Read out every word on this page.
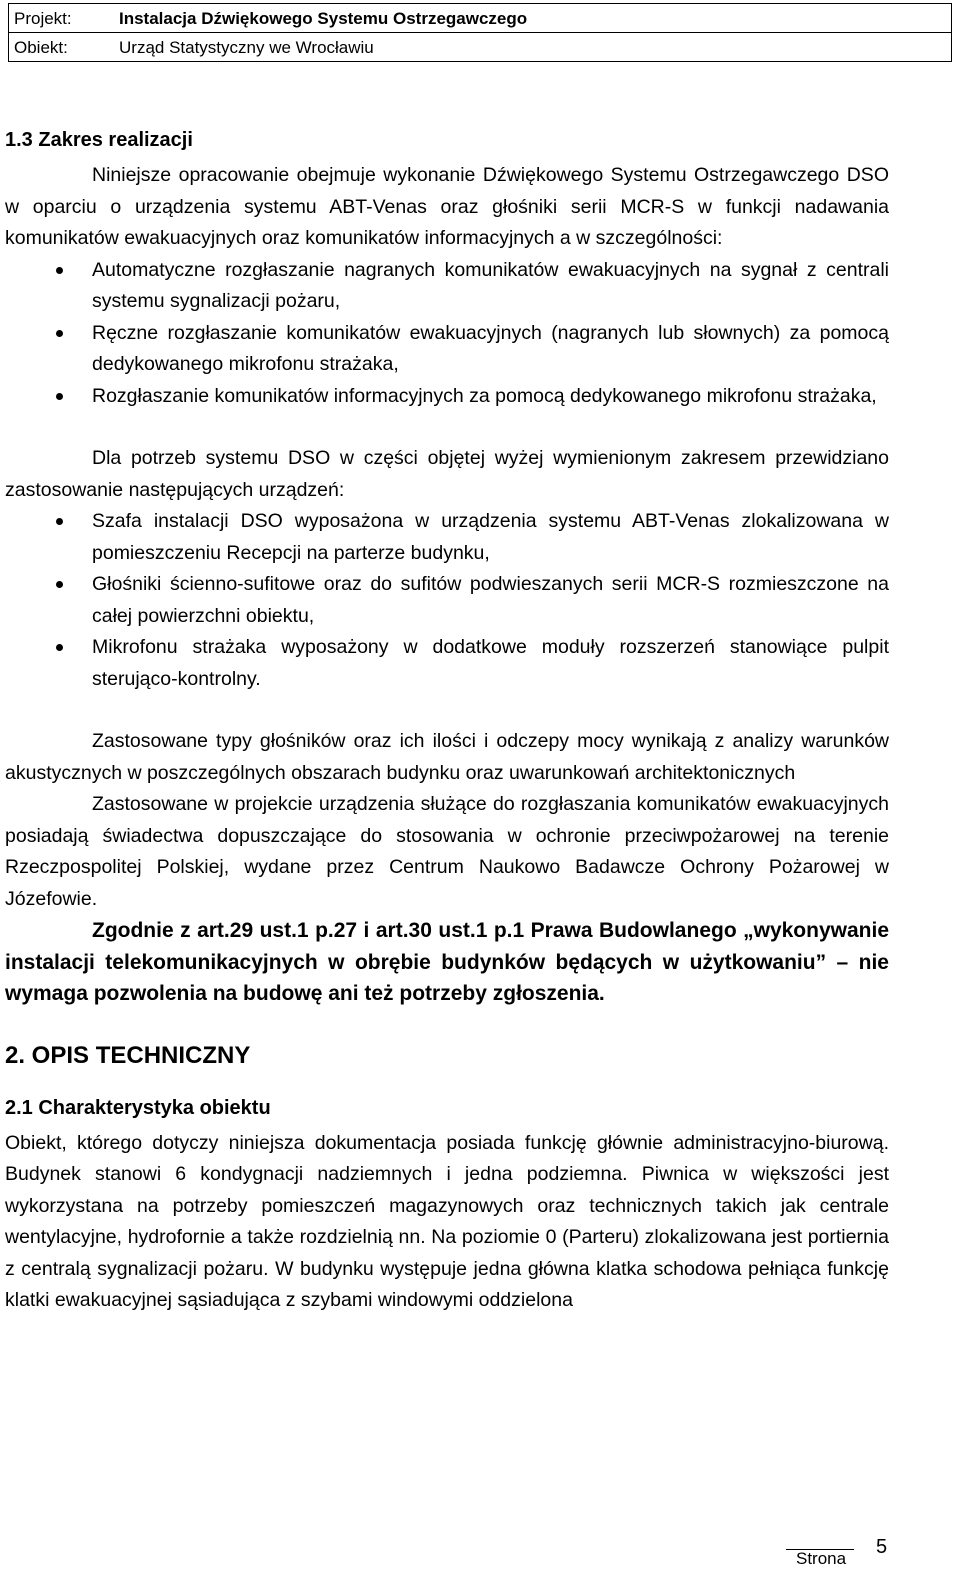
Projekt:	Instalacja Dźwiękowego Systemu Ostrzegawczego
Obiekt:	Urząd Statystyczny we Wrocławiu

1.3 Zakres realizacji

Niniejsze opracowanie obejmuje wykonanie Dźwiękowego Systemu Ostrzegawczego DSO w oparciu o urządzenia systemu ABT-Venas oraz głośniki serii MCR-S w funkcji nadawania komunikatów ewakuacyjnych oraz komunikatów informacyjnych a w szczególności:

Automatyczne rozgłaszanie nagranych komunikatów ewakuacyjnych na sygnał z centrali systemu sygnalizacji pożaru,
Ręczne rozgłaszanie komunikatów ewakuacyjnych (nagranych lub słownych) za pomocą dedykowanego mikrofonu strażaka,
Rozgłaszanie komunikatów informacyjnych za pomocą dedykowanego mikrofonu strażaka,

Dla potrzeb systemu DSO w części objętej wyżej wymienionym zakresem przewidziano zastosowanie następujących urządzeń:

Szafa instalacji DSO wyposażona w urządzenia systemu ABT-Venas zlokalizowana w pomieszczeniu Recepcji na parterze budynku,
Głośniki ścienno-sufitowe oraz do sufitów podwieszanych serii MCR-S rozmieszczone na całej powierzchni obiektu,
Mikrofonu strażaka wyposażony w dodatkowe moduły rozszerzeń stanowiące pulpit sterująco-kontrolny.

Zastosowane typy głośników oraz ich ilości i odczepy mocy wynikają z analizy warunków akustycznych w poszczególnych obszarach budynku oraz uwarunkowań architektonicznych

Zastosowane w projekcie urządzenia służące do rozgłaszania komunikatów ewakuacyjnych posiadają świadectwa dopuszczające do stosowania w ochronie przeciwpożarowej na terenie Rzeczpospolitej Polskiej, wydane przez Centrum Naukowo Badawcze Ochrony Pożarowej w Józefowie.

Zgodnie z art.29 ust.1 p.27 i art.30 ust.1 p.1 Prawa Budowlanego „wykonywanie instalacji telekomunikacyjnych w obrębie budynków będących w użytkowaniu” – nie wymaga pozwolenia na budowę ani też potrzeby zgłoszenia.

2. OPIS TECHNICZNY

2.1 Charakterystyka obiektu

Obiekt, którego dotyczy niniejsza dokumentacja posiada funkcję głównie administracyjno-biurową. Budynek stanowi 6 kondygnacji nadziemnych i jedna podziemna. Piwnica w większości jest wykorzystana na potrzeby pomieszczeń magazynowych oraz technicznych takich jak centrale wentylacyjne, hydrofornie a także rozdzielnią nn. Na poziomie 0 (Parteru) zlokalizowana jest portiernia z centralą sygnalizacji pożaru. W budynku występuje jedna główna klatka schodowa pełniąca funkcję klatki ewakuacyjnej sąsiadująca z szybami windowymi oddzielona

Strona
5
